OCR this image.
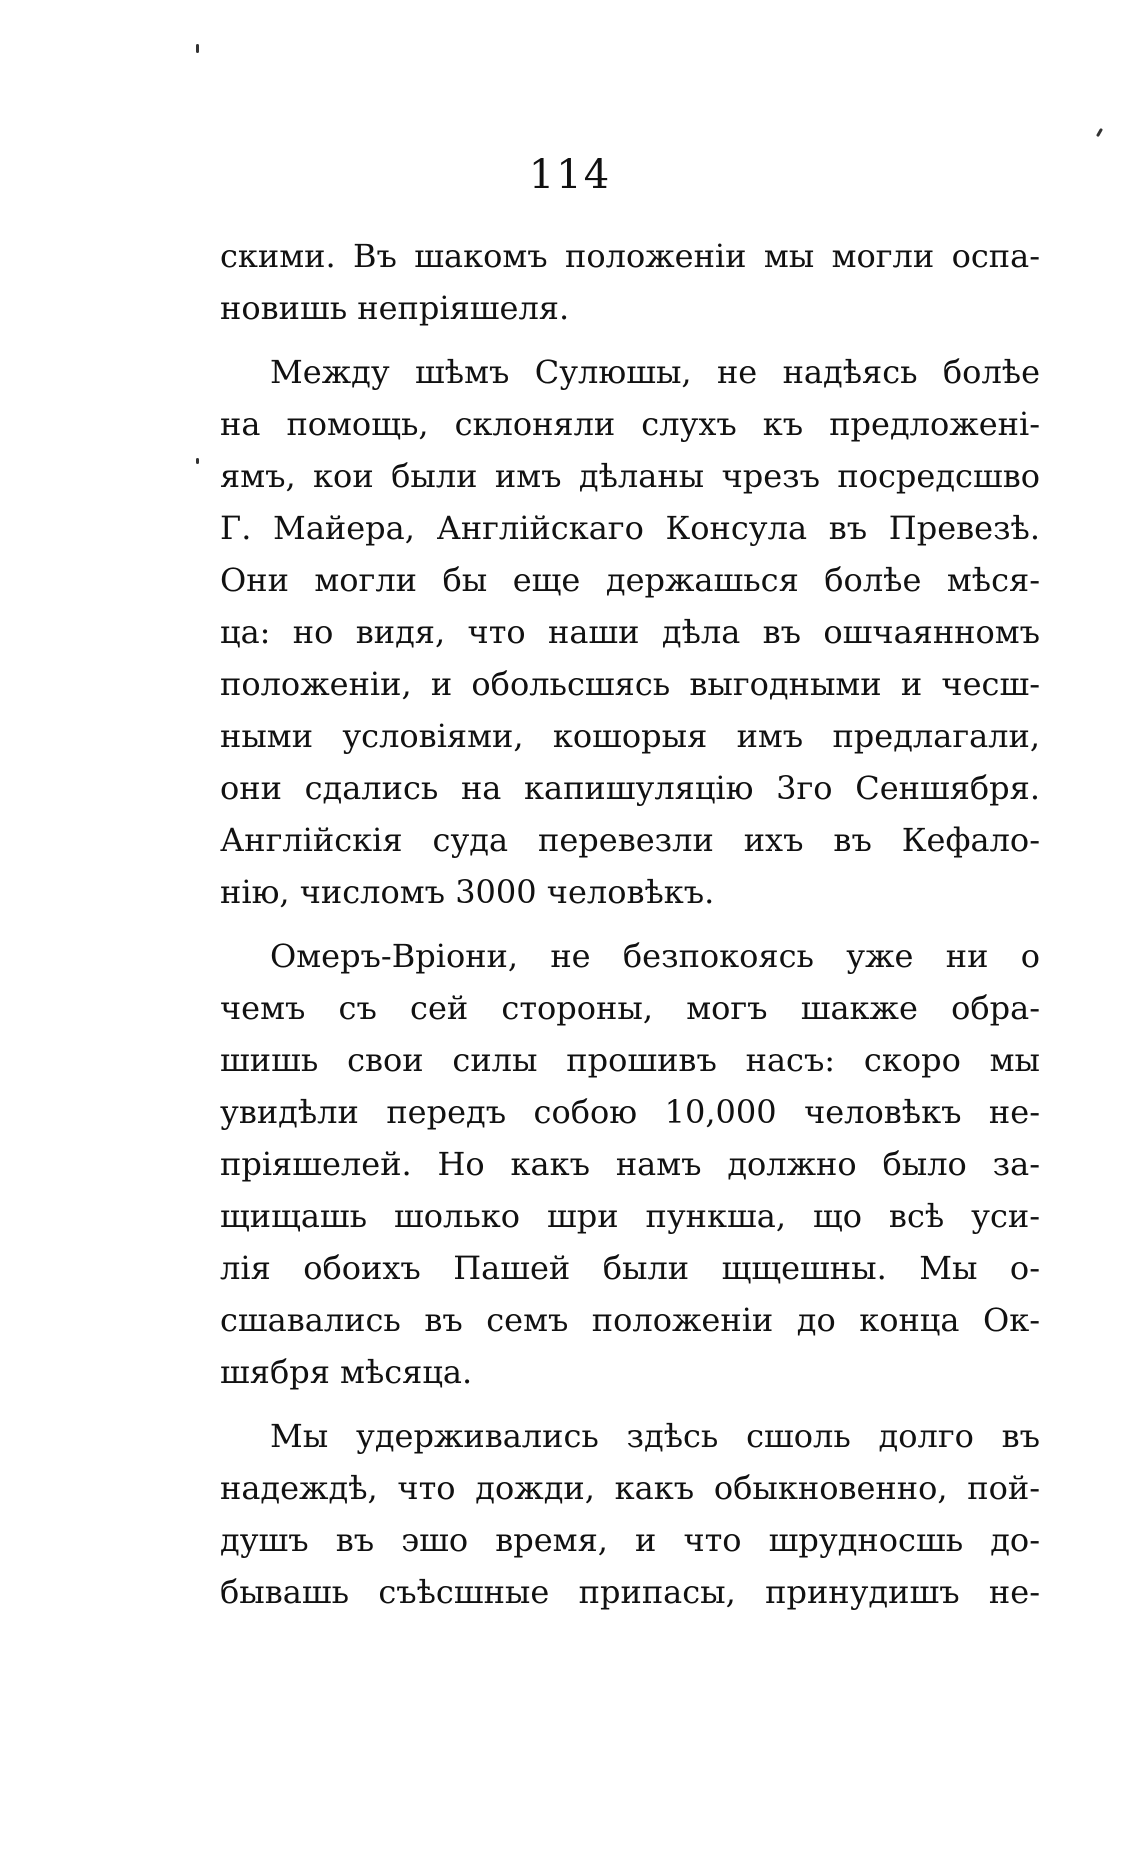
114
скими. Въ шакомъ положеніи мы могли оспа-
новишь непріяшеля.
Между шѣмъ Сулюшы, не надѣясь болѣе
на помощь, склоняли слухъ къ предложені-
ямъ, кои были имъ дѣланы чрезъ посредсшво
Г. Майера, Англійскаго Консула въ Превезѣ.
Они могли бы еще держашься болѣе мѣся-
ца: но видя, что наши дѣла въ ошчаянномъ
положеніи, и обольсшясь выгодными и чесш-
ными условіями, кошорыя имъ предлагали,
они сдались на капишуляцію 3го Сеншября.
Англійскія суда перевезли ихъ въ Кефало-
нію, числомъ 3000 человѣкъ.
Омеръ-Вріони, не безпокоясь уже ни о
чемъ съ сей стороны, могъ шакже обра-
шишь свои силы прошивъ насъ: скоро мы
увидѣли передъ собою 10,000 человѣкъ не-
пріяшелей. Но какъ намъ должно было за-
щищашь шолько шри пункша, що всѣ уси-
лія обоихъ Пашей были щщешны. Мы о-
сшавались въ семъ положеніи до конца Ок-
шября мѣсяца.
Мы удерживались здѣсь сшоль долго въ
надеждѣ, что дожди, какъ обыкновенно, пой-
душъ въ эшо время, и что шрудносшь до-
бывашь съѣсшные припасы, принудишъ не-
